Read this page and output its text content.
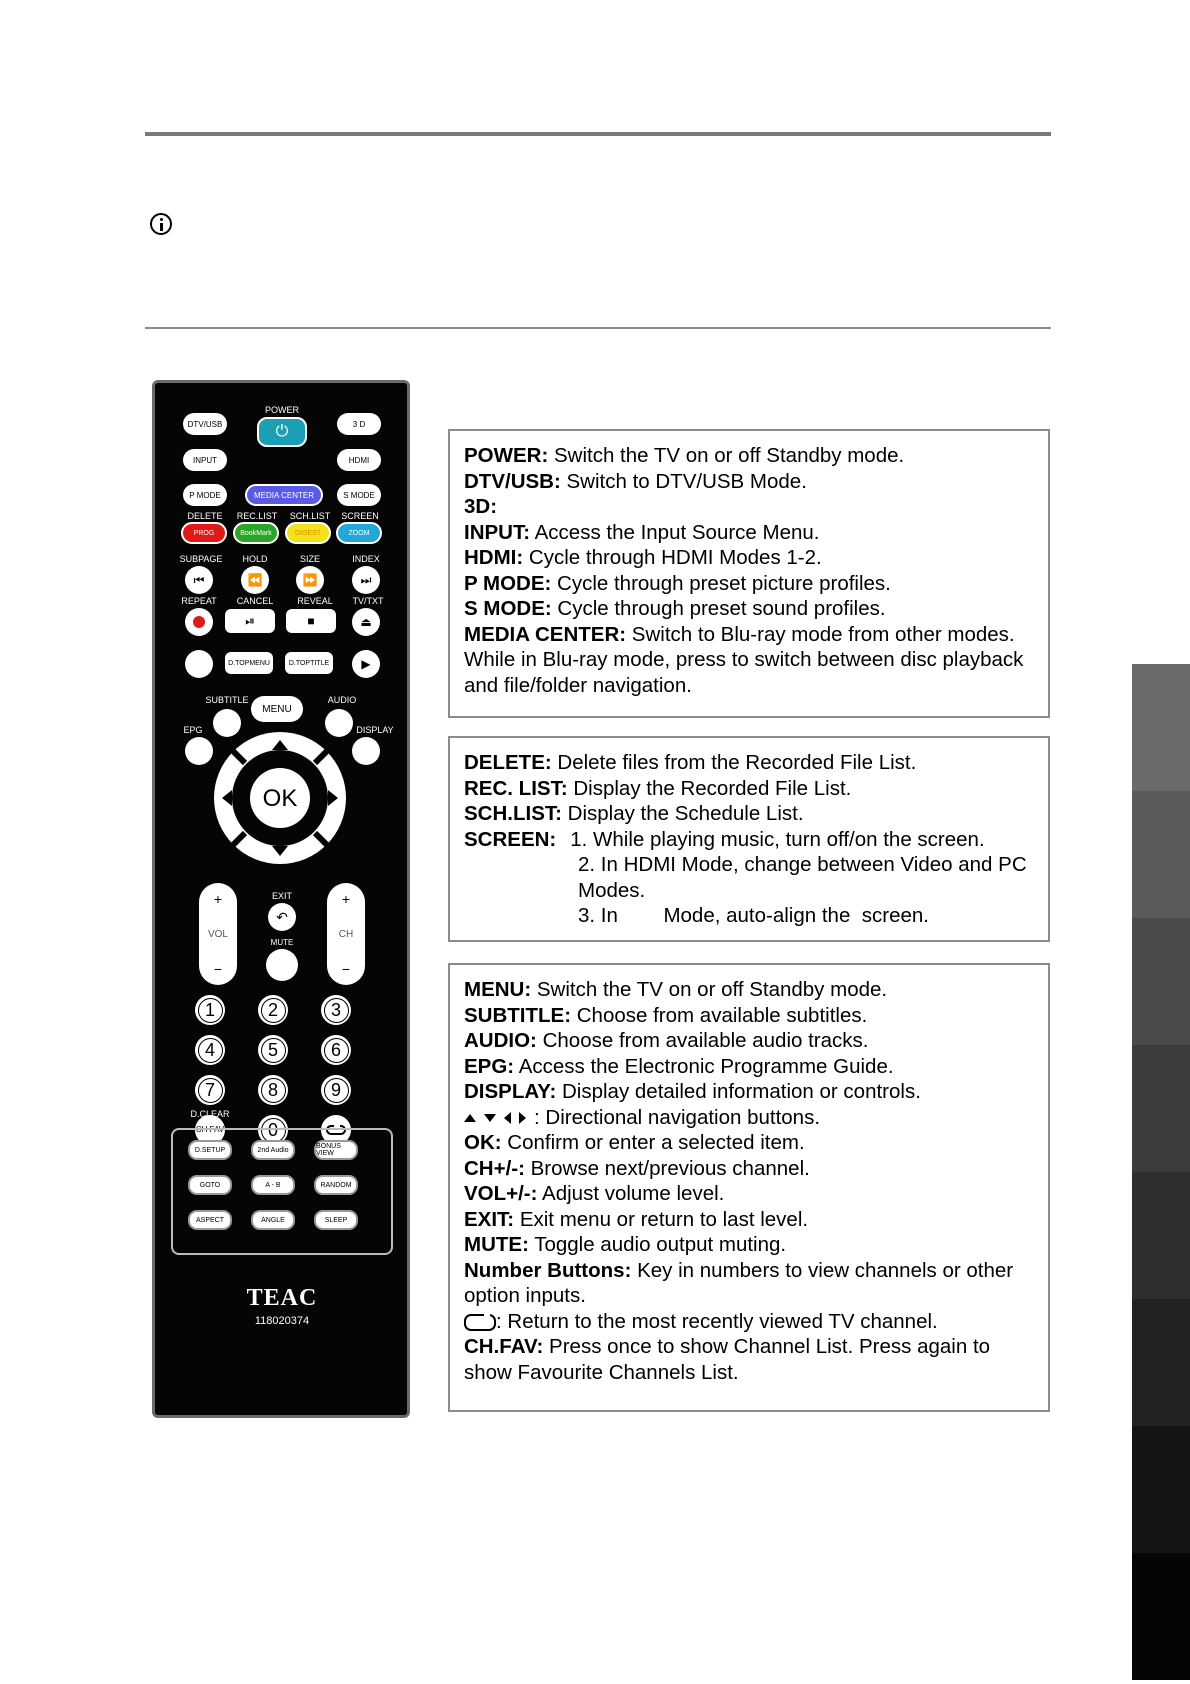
POWER
DTV/USB	⏻	3 D
INPUT	HDMI
P MODE	MEDIA CENTER	S MODE
DELETE REC.LIST SCH.LIST SCREEN
PROG	BookMark	DIGEST	ZOOM
SUBPAGE HOLD	SIZE	INDEX
⏮	⏪	⏩	⏭
REPEAT CANCEL	REVEAL TV/TXT
⏯	■	⏏
D.TOPMENU	D.TOPTITLE	▶
SUBTITLE
MENU
AUDIO
EPG	DISPLAY
OK
+
VOL
−
+
CH
−
EXIT
↶
MUTE
1	2	3
4	5	6
7	8	9
CH FAV	0
D.CLEAR
D.SETUP	2nd Audio	BONUS VIEW
GOTO	A - B	RANDOM
ASPECT	ANGLE	SLEEP
TEAC
118020374

POWER: Switch the TV on or off Standby mode.

DTV/USB: Switch to DTV/USB Mode.

3D:

INPUT: Access the Input Source Menu.

HDMI: Cycle through HDMI Modes 1-2.

P MODE: Cycle through preset picture profiles.

S MODE: Cycle through preset sound profiles.

MEDIA CENTER: Switch to Blu-ray mode from other modes. While in Blu-ray mode, press to switch between disc playback and file/folder navigation.

DELETE: Delete files from the Recorded File List.

REC. LIST: Display the Recorded File List.

SCH.LIST: Display the Schedule List.

SCREEN: 1. While playing music, turn off/on the screen.

2. In HDMI Mode, change between Video and PC Modes.

3. In        Mode, auto-align the  screen.

MENU: Switch the TV on or off Standby mode.

SUBTITLE: Choose from available subtitles.

AUDIO: Choose from available audio tracks.

EPG: Access the Electronic Programme Guide.

DISPLAY: Display detailed information or controls.

: Directional navigation buttons.

OK: Confirm or enter a selected item.

CH+/-: Browse next/previous channel.

VOL+/-: Adjust volume level.

EXIT: Exit menu or return to last level.

MUTE: Toggle audio output muting.

Number Buttons: Key in numbers to view channels or other option inputs.

: Return to the most recently viewed TV channel.

CH.FAV: Press once to show Channel List. Press again to show Favourite Channels List.
